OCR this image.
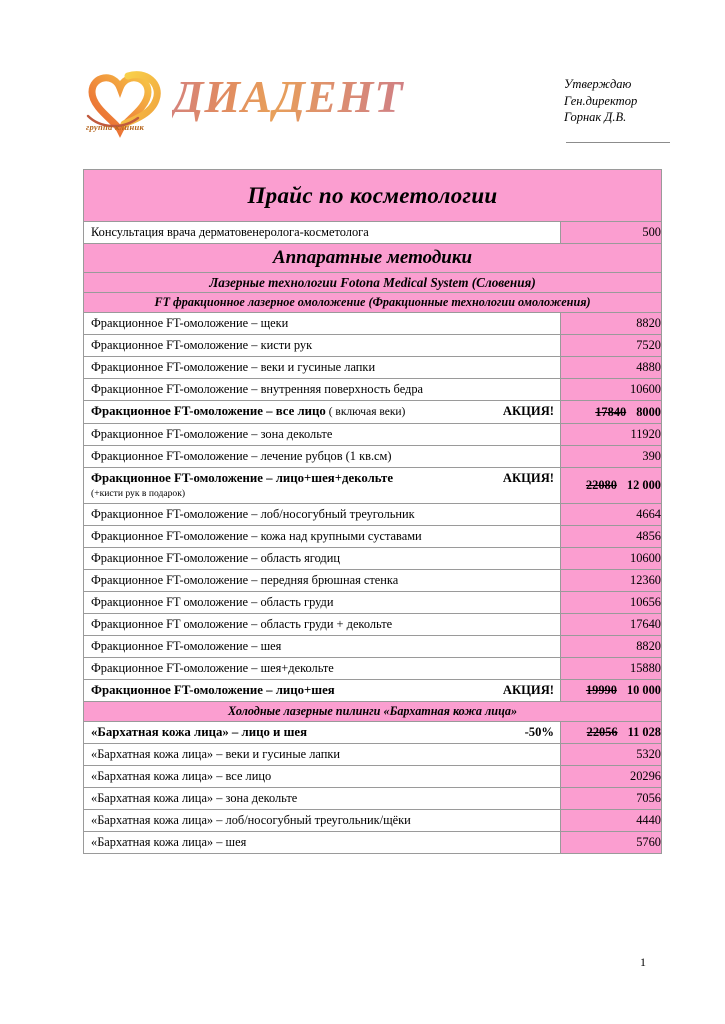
группа клиник
ДИАДЕНТ	Утверждаю
Ген.директор
Горнак Д.В.
Прайс по косметологии	

Консультация врача дерматовенеролога-косметолога	500
Аппаратные методики	
Лазерные технологии Fotona Medical System (Словения)	
FT фракционное лазерное омоложение (Фракционные технологии омоложения)	

Фракционное FT-омоложение – щеки	8820

Фракционное FT-омоложение – кисти рук	7520

Фракционное FT-омоложение – веки и гусиные лапки	4880

Фракционное FT-омоложение – внутренняя поверхность бедра	10600

Фракционное FT-омоложение – все лицо ( включая веки) АКЦИЯ!	17840 8000

Фракционное FT-омоложение – зона декольте	11920

Фракционное FT-омоложение – лечение рубцов (1 кв.см)	390

Фракционное FT-омоложение – лицо+шея+декольте АКЦИЯ!
(+кисти рук в подарок)	22080 12 000

Фракционное FT-омоложение – лоб/носогубный треугольник	4664

Фракционное FT-омоложение – кожа над крупными суставами	4856

Фракционное FT-омоложение – область ягодиц	10600

Фракционное FT-омоложение – передняя брюшная стенка	12360

Фракционное FT омоложение – область груди	10656

Фракционное FT омоложение – область груди + декольте	17640

Фракционное FT-омоложение – шея	8820

Фракционное FT-омоложение – шея+декольте	15880

Фракционное FT-омоложение – лицо+шея АКЦИЯ!	19990 10 000
Холодные лазерные пилинги «Бархатная кожа лица»	

«Бархатная кожа лица» – лицо и шея -50%	22056 11 028

«Бархатная кожа лица» – веки и гусиные лапки	5320

«Бархатная кожа лица» – все лицо	20296

«Бархатная кожа лица» – зона декольте	7056

«Бархатная кожа лица» – лоб/носогубный треугольник/щёки	4440

«Бархатная кожа лица» – шея	5760
1
